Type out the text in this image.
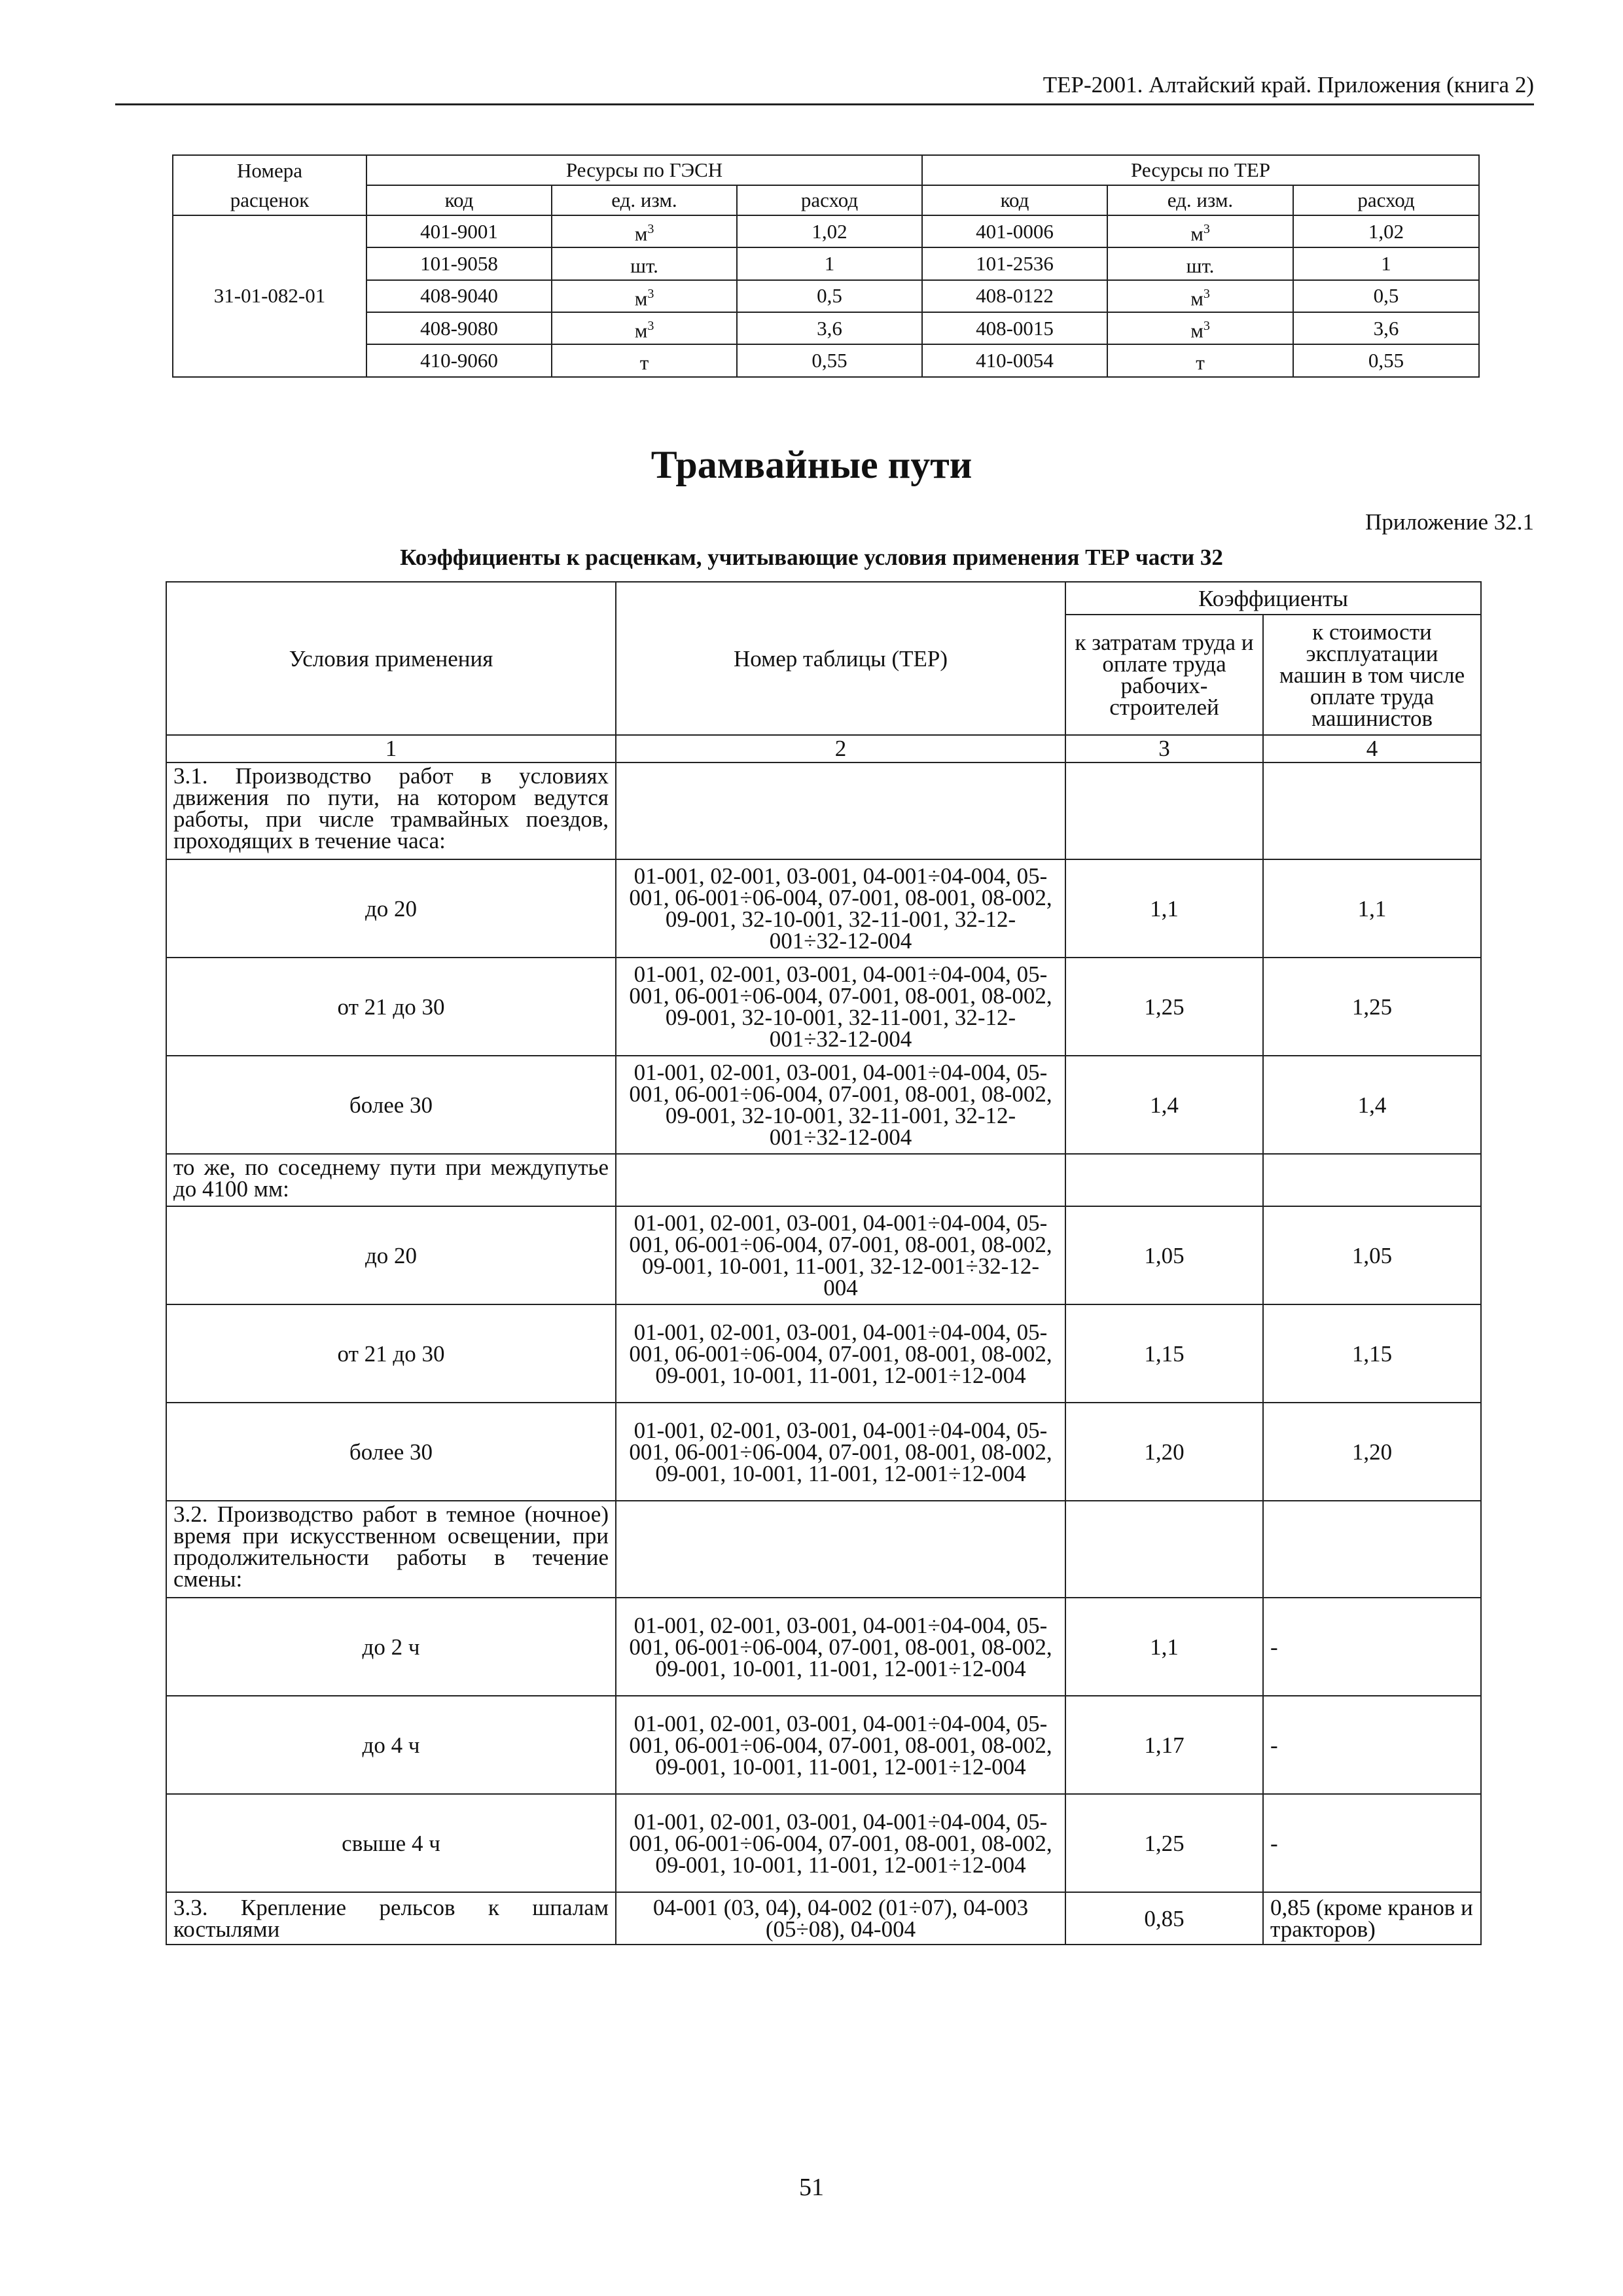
ТЕР-2001. Алтайский край. Приложения (книга 2)
Номера	Ресурсы по ГЭСН			Ресурсы по ТЕР		
расценок	код	ед. изм.	расход	код	ед. изм.	расход
31-01-082-01	401-9001	$м^3$	1,02	401-0006	$м^3$	1,02
	101-9058	шт.	1	101-2536	шт.	1
	408-9040	$м^3$	0,5	408-0122	$м^3$	0,5
	408-9080	$м^3$	3,6	408-0015	$м^3$	3,6
	410-9060	т	0,55	410-0054	т	0,55
Трамвайные пути
Приложение 32.1
Коэффициенты к расценкам, учитывающие условия применения ТЕР части 32
Условия применения	Номер таблицы (ТЕР)	Коэффициенты	
		к затратам труда и оплате труда рабочих-строителей	к стоимости эксплуатации машин в том числе оплате труда машинистов
1	2	3	4
3.1. Производство работ в условиях движения по пути, на котором ведутся работы, при числе трамвайных поездов, проходящих в течение часа:			
до 20	01-001, 02-001, 03-001, 04-001÷04-004, 05-001, 06-001÷06-004, 07-001, 08-001, 08-002, 09-001, 32-10-001, 32-11-001, 32-12-001÷32-12-004	1,1	1,1
от 21 до 30	01-001, 02-001, 03-001, 04-001÷04-004, 05-001, 06-001÷06-004, 07-001, 08-001, 08-002, 09-001, 32-10-001, 32-11-001, 32-12-001÷32-12-004	1,25	1,25
более 30	01-001, 02-001, 03-001, 04-001÷04-004, 05-001, 06-001÷06-004, 07-001, 08-001, 08-002, 09-001, 32-10-001, 32-11-001, 32-12-001÷32-12-004	1,4	1,4
то же, по соседнему пути при междупутье до 4100 мм:			
до 20	01-001, 02-001, 03-001, 04-001÷04-004, 05-001, 06-001÷06-004, 07-001, 08-001, 08-002, 09-001, 10-001, 11-001, 32-12-001÷32-12-004	1,05	1,05
от 21 до 30	01-001, 02-001, 03-001, 04-001÷04-004, 05-001, 06-001÷06-004, 07-001, 08-001, 08-002, 09-001, 10-001, 11-001, 12-001÷12-004	1,15	1,15
более 30	01-001, 02-001, 03-001, 04-001÷04-004, 05-001, 06-001÷06-004, 07-001, 08-001, 08-002, 09-001, 10-001, 11-001, 12-001÷12-004	1,20	1,20
3.2. Производство работ в темное (ночное) время при искусственном освещении, при продолжительности работы в течение смены:			
до 2 ч	01-001, 02-001, 03-001, 04-001÷04-004, 05-001, 06-001÷06-004, 07-001, 08-001, 08-002, 09-001, 10-001, 11-001, 12-001÷12-004	1,1	-
до 4 ч	01-001, 02-001, 03-001, 04-001÷04-004, 05-001, 06-001÷06-004, 07-001, 08-001, 08-002, 09-001, 10-001, 11-001, 12-001÷12-004	1,17	-
свыше 4 ч	01-001, 02-001, 03-001, 04-001÷04-004, 05-001, 06-001÷06-004, 07-001, 08-001, 08-002, 09-001, 10-001, 11-001, 12-001÷12-004	1,25	-
3.3. Крепление рельсов к шпалам костылями	04-001 (03, 04), 04-002 (01÷07), 04-003 (05÷08), 04-004	0,85	0,85 (кроме кранов и тракторов)
51
